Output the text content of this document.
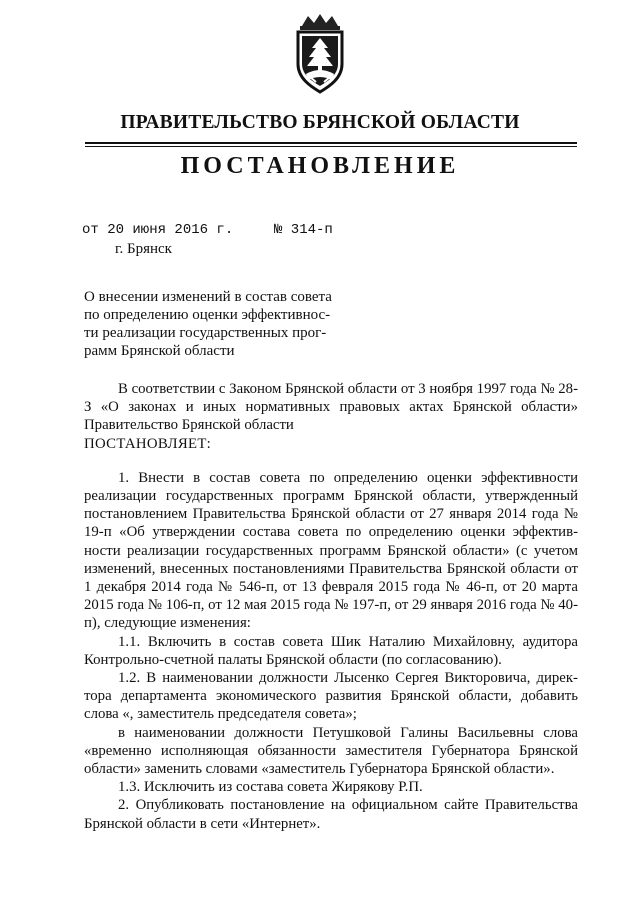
ПРАВИТЕЛЬСТВО БРЯНСКОЙ ОБЛАСТИ
ПОСТАНОВЛЕНИЕ
от 20 июня 2016 г.	№ 314-п
г. Брянск
О внесении изменений в состав совета
по определению оценки эффективнос-
ти реализации государственных прог-
рамм Брянской области

В соответствии с Законом Брянской области от 3 ноября 1997 года № 28-З «О законах и иных нормативных правовых актах Брянской области» Правительство Брянской области

ПОСТАНОВЛЯЕТ:

1. Внести в состав совета по определению оценки эффективности реализации государственных программ Брянской области, утвержденный постановлением Правительства Брянской области от 27 января 2014 года № 19-п «Об утверждении состава совета по определению оценки эффектив-ности реализации государственных программ Брянской области» (с учетом изменений, внесенных постановлениями Правительства Брянской области от 1 декабря 2014 года № 546-п, от 13 февраля 2015 года № 46-п, от 20 марта 2015 года № 106-п, от 12 мая 2015 года № 197-п, от 29 января 2016 года № 40-п), следующие изменения:

1.1. Включить в состав совета Шик Наталию Михайловну, аудитора Контрольно-счетной палаты Брянской области (по согласованию).

1.2. В наименовании должности Лысенко Сергея Викторовича, дирек-тора департамента экономического развития Брянской области, добавить слова «, заместитель председателя совета»;

в наименовании должности Петушковой Галины Васильевны слова «временно исполняющая обязанности заместителя Губернатора Брянской области» заменить словами «заместитель Губернатора Брянской области».

1.3. Исключить из состава совета Жирякову Р.П.

2. Опубликовать постановление на официальном сайте Правительства Брянской области в сети «Интернет».
